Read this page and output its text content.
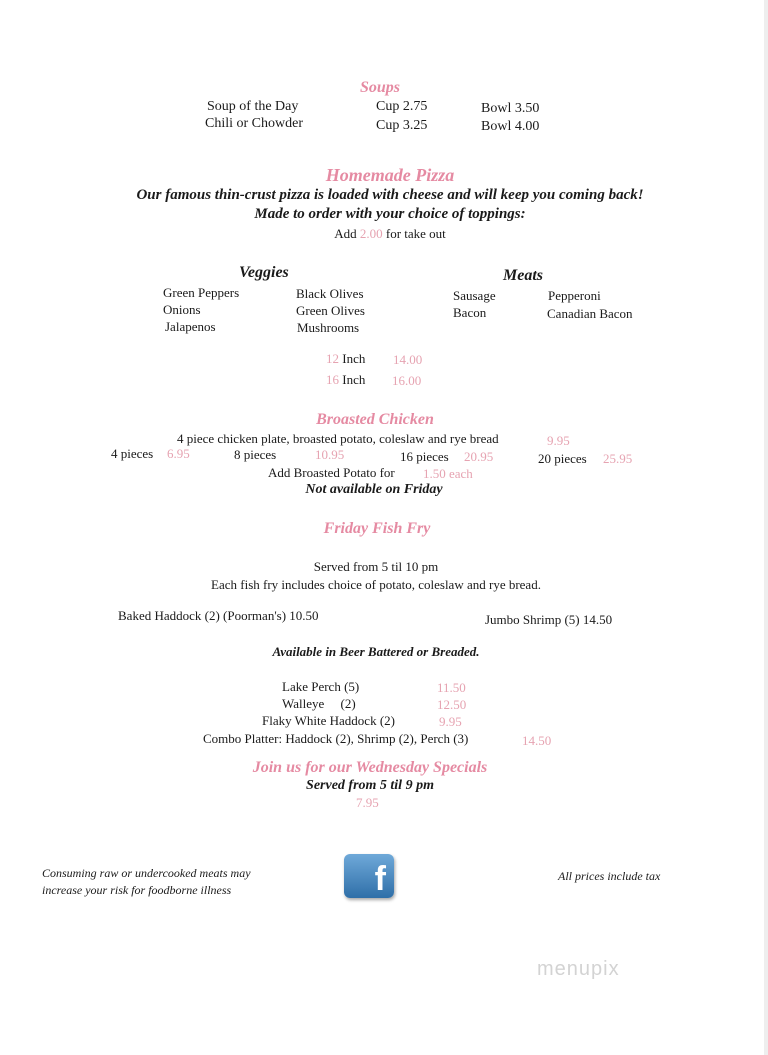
Soups
Soup of the Day	Cup 2.75	Bowl 3.50
Chili or Chowder	Cup 3.25	Bowl 4.00
Homemade Pizza
Our famous thin-crust pizza is loaded with cheese and will keep you coming back!
Made to order with your choice of toppings:
Add 2.00 for take out
Veggies
Green Peppers
Onions
Jalapenos
Black Olives
Green Olives
Mushrooms
Meats
Sausage
Bacon
Pepperoni
Canadian Bacon
12 Inch 14.00
16 Inch 16.00
Broasted Chicken
4 piece chicken plate, broasted potato, coleslaw and rye bread	9.95
4 pieces 6.95	8 pieces	10.95	16 pieces 20.95	20 pieces 25.95
Add Broasted Potato for 1.50 each
Not available on Friday
Friday Fish Fry
Served from 5 til 10 pm
Each fish fry includes choice of potato, coleslaw and rye bread.
Baked Haddock (2) (Poorman's) 10.50	Jumbo Shrimp (5) 14.50
Available in Beer Battered or Breaded.
Lake Perch (5)	11.50
Walleye     (2)	12.50
Flaky White Haddock (2)	9.95
Combo Platter: Haddock (2), Shrimp (2), Perch (3)	14.50
Join us for our Wednesday Specials
Served from 5 til 9 pm
7.95
Consuming raw or undercooked meats may
increase your risk for foodborne illness	f	All prices include tax
menupix
